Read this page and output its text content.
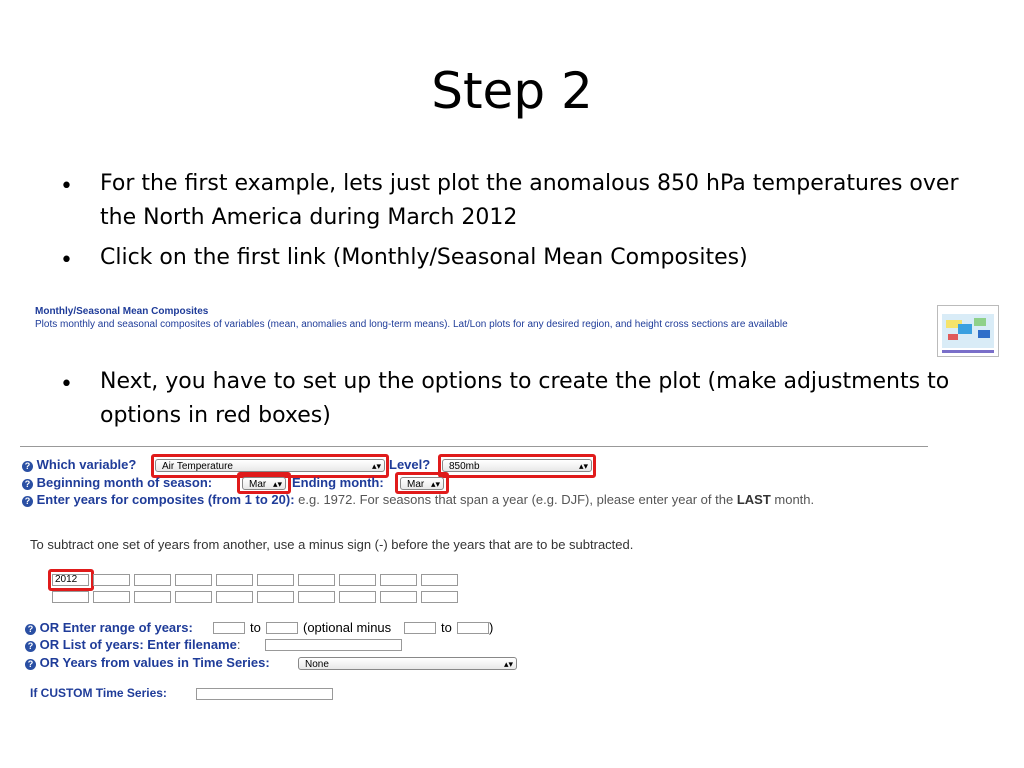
Step 2
• For the first example, lets just plot the anomalous 850 hPa temperatures over the North America during March 2012
• Click on the first link (Monthly/Seasonal Mean Composites)
Monthly/Seasonal Mean Composites
Plots monthly and seasonal composites of variables (mean, anomalies and long-term means). Lat/Lon plots for any desired region, and height cross sections are available
• Next, you have to set up the options to create the plot (make adjustments to options in red boxes)
? Which variable?	Air Temperature	▴▾ Level?	850mb	▴▾
? Beginning month of season:	Mar ▴▾ Ending month:	Mar ▴▾
? Enter years for composites (from 1 to 20): e.g. 1972. For seasons that span a year (e.g. DJF), please enter year of the LAST month.
To subtract one set of years from another, use a minus sign (-) before the years that are to be subtracted.
2012
? OR Enter range of years:	to	(optional minus	to	)
? OR List of years: Enter filename:
? OR Years from values in Time Series:	None	▴▾
If CUSTOM Time Series:
